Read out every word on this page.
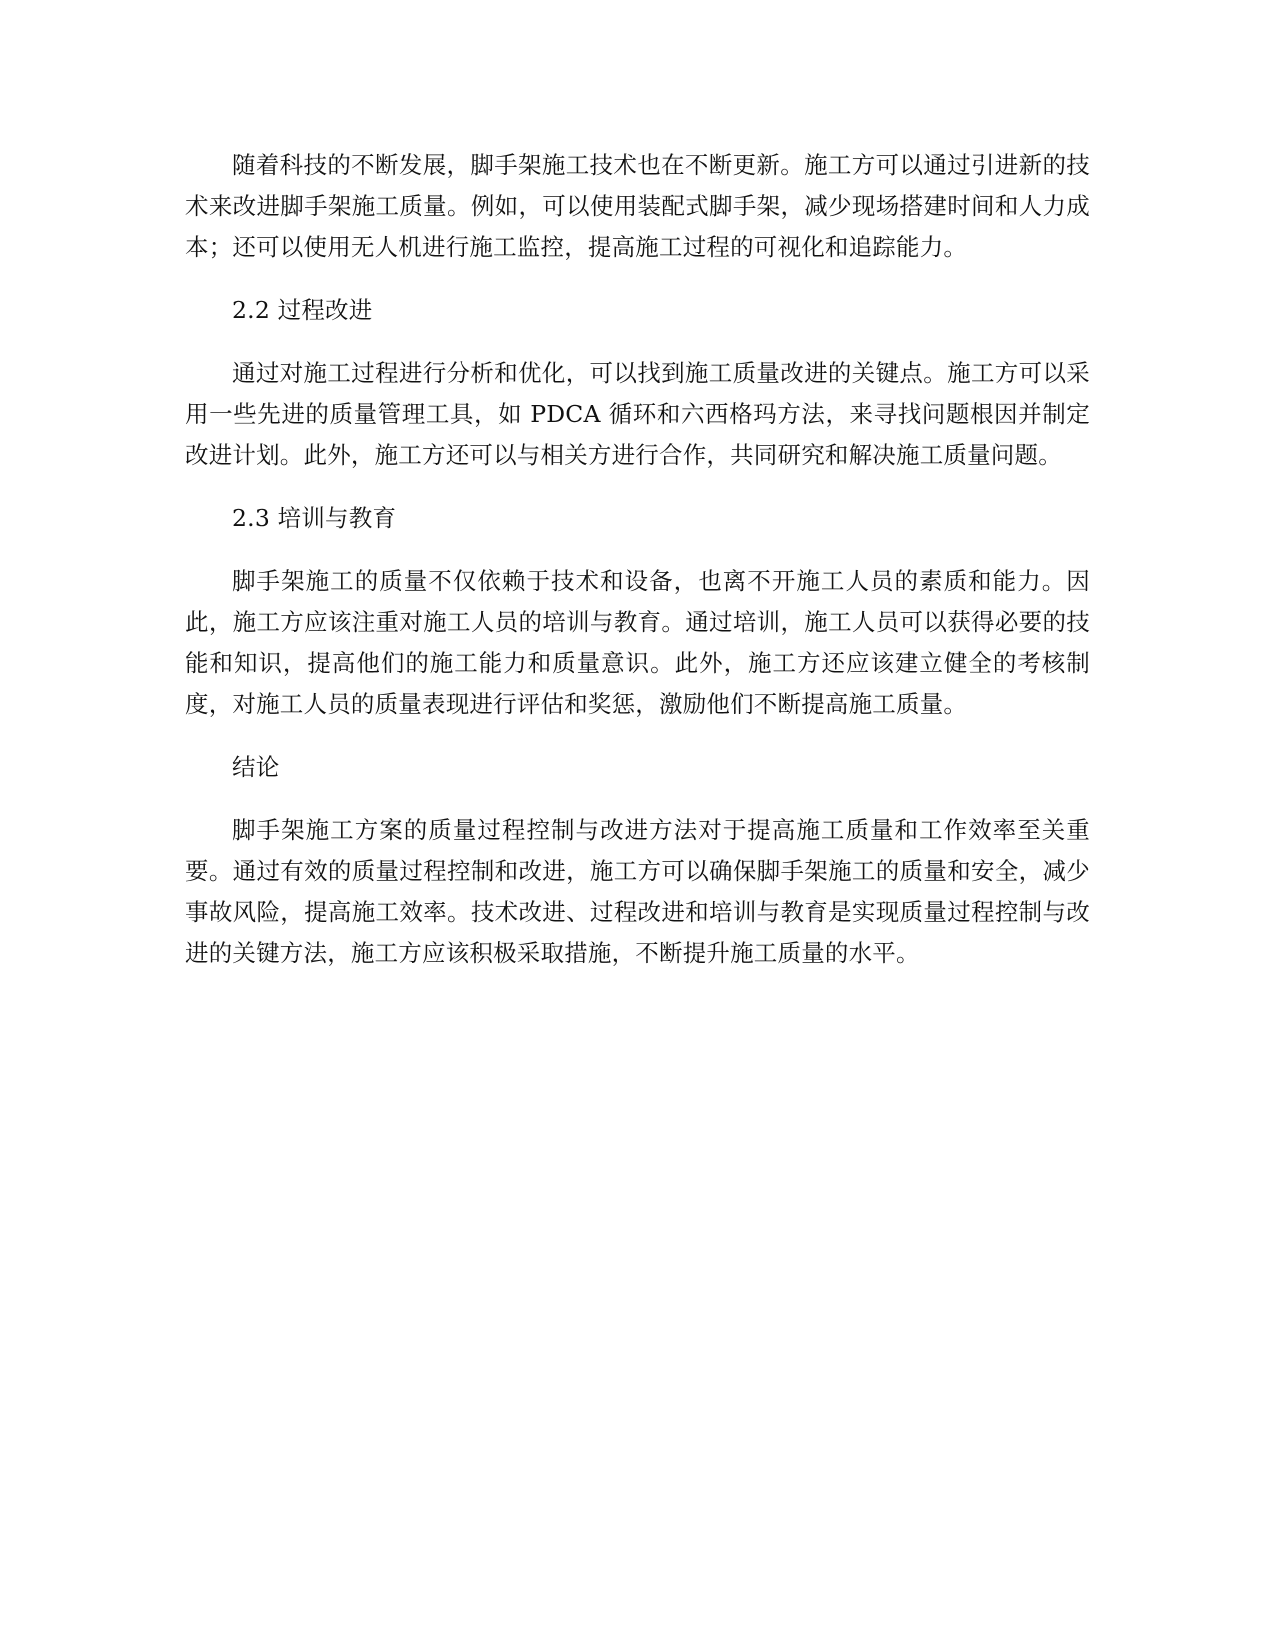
随着科技的不断发展，脚手架施工技术也在不断更新。施工方可以通过引进新的技术来改进脚手架施工质量。例如，可以使用装配式脚手架，减少现场搭建时间和人力成本；还可以使用无人机进行施工监控，提高施工过程的可视化和追踪能力。

2.2 过程改进

通过对施工过程进行分析和优化，可以找到施工质量改进的关键点。施工方可以采用一些先进的质量管理工具，如 PDCA 循环和六西格玛方法，来寻找问题根因并制定改进计划。此外，施工方还可以与相关方进行合作，共同研究和解决施工质量问题。

2.3 培训与教育

脚手架施工的质量不仅依赖于技术和设备，也离不开施工人员的素质和能力。因此，施工方应该注重对施工人员的培训与教育。通过培训，施工人员可以获得必要的技能和知识，提高他们的施工能力和质量意识。此外，施工方还应该建立健全的考核制度，对施工人员的质量表现进行评估和奖惩，激励他们不断提高施工质量。

结论

脚手架施工方案的质量过程控制与改进方法对于提高施工质量和工作效率至关重要。通过有效的质量过程控制和改进，施工方可以确保脚手架施工的质量和安全，减少事故风险，提高施工效率。技术改进、过程改进和培训与教育是实现质量过程控制与改进的关键方法，施工方应该积极采取措施，不断提升施工质量的水平。
